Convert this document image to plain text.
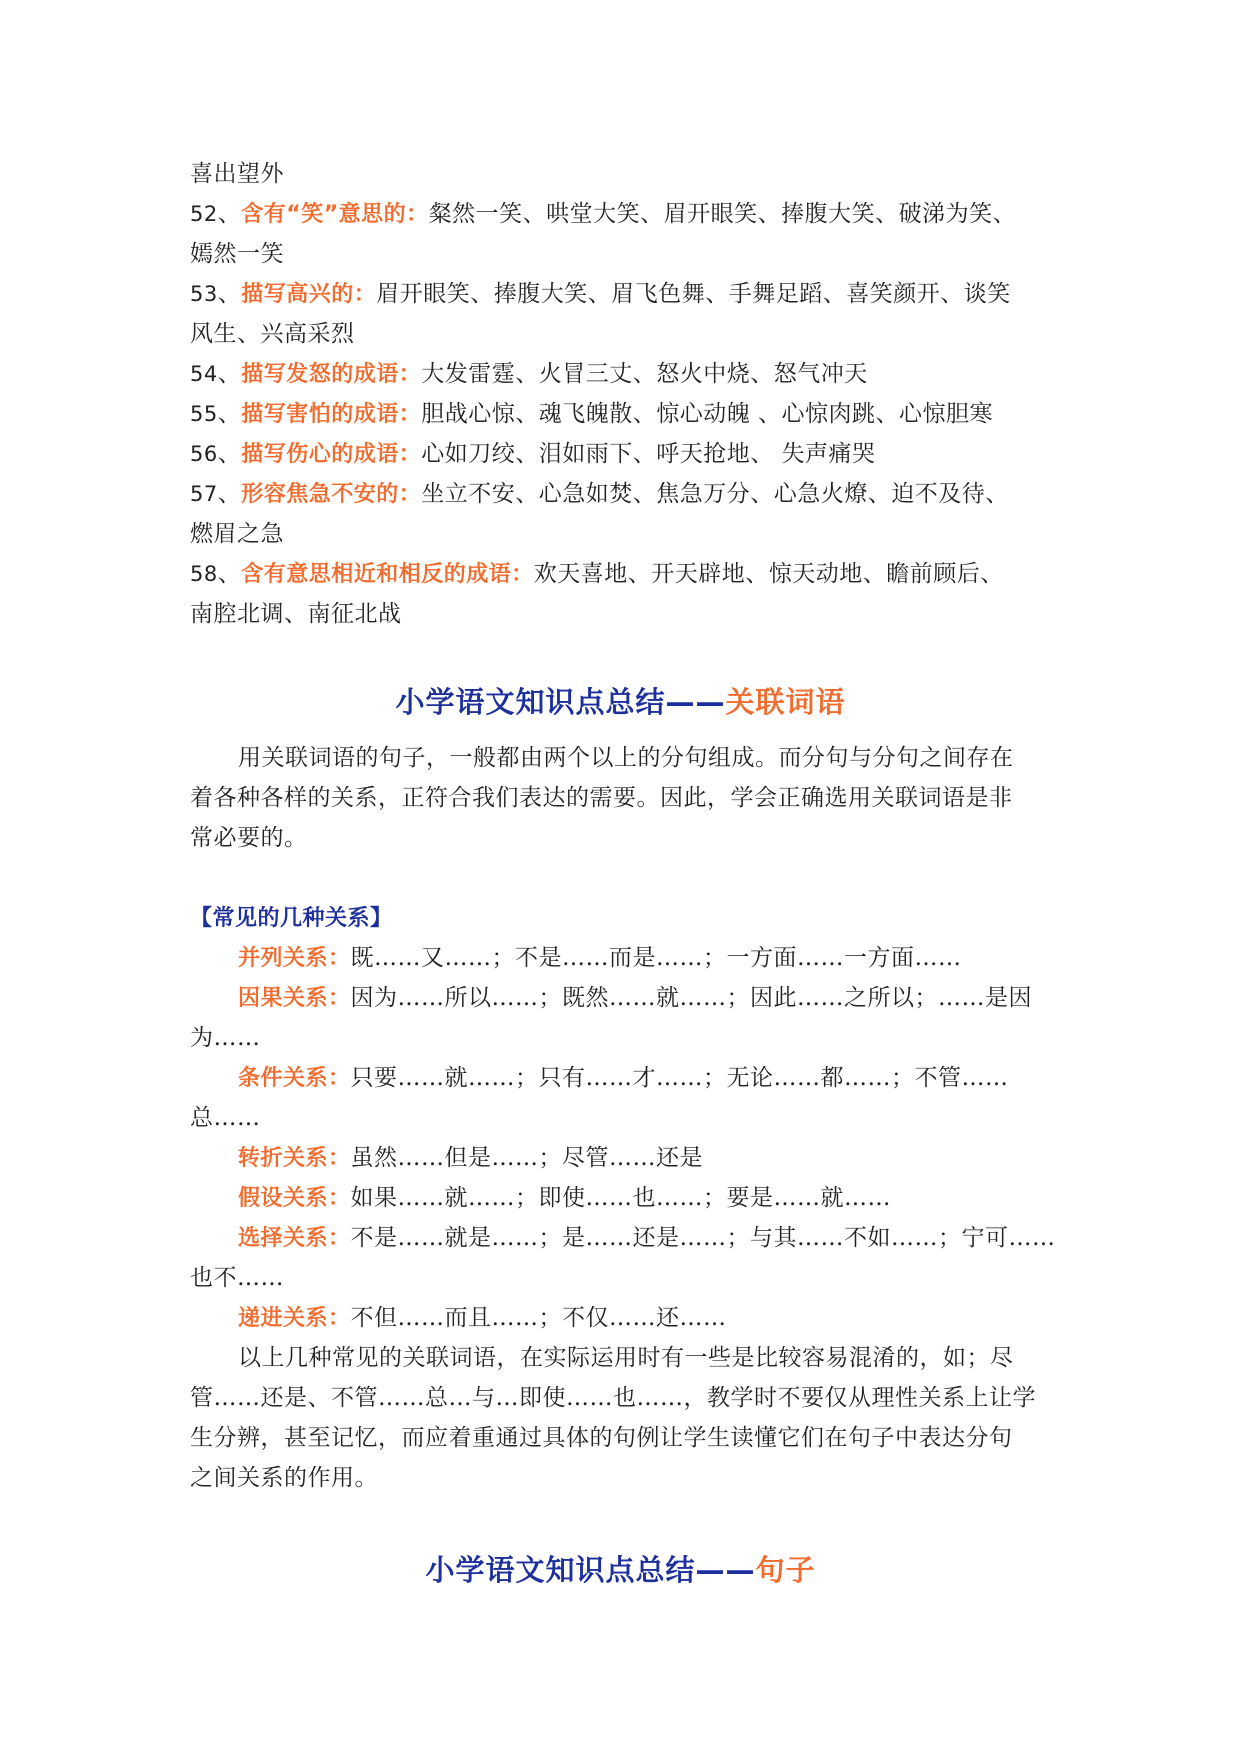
喜出望外
52、含有“笑”意思的：粲然一笑、哄堂大笑、眉开眼笑、捧腹大笑、破涕为笑、
嫣然一笑
53、描写高兴的：眉开眼笑、捧腹大笑、眉飞色舞、手舞足蹈、喜笑颜开、谈笑
风生、兴高采烈
54、描写发怒的成语：大发雷霆、火冒三丈、怒火中烧、怒气冲天
55、描写害怕的成语：胆战心惊、魂飞魄散、惊心动魄 、心惊肉跳、心惊胆寒
56、描写伤心的成语：心如刀绞、泪如雨下、呼天抢地、 失声痛哭
57、形容焦急不安的：坐立不安、心急如焚、焦急万分、心急火燎、迫不及待、
燃眉之急
58、含有意思相近和相反的成语：欢天喜地、开天辟地、惊天动地、瞻前顾后、
南腔北调、南征北战
小学语文知识点总结——关联词语
用关联词语的句子，一般都由两个以上的分句组成。而分句与分句之间存在
着各种各样的关系，正符合我们表达的需要。因此，学会正确选用关联词语是非
常必要的。
【常见的几种关系】
并列关系：既……又……；不是……而是……；一方面……一方面……
因果关系：因为……所以……；既然……就……；因此……之所以；……是因
为……
条件关系：只要……就……；只有……才……；无论……都……；不管……
总……
转折关系：虽然……但是……；尽管……还是
假设关系：如果……就……；即使……也……；要是……就……
选择关系：不是……就是……；是……还是……；与其……不如……；宁可……
也不……
递进关系：不但……而且……；不仅……还……
以上几种常见的关联词语，在实际运用时有一些是比较容易混淆的，如；尽
管……还是、不管……总…与…即使……也……，教学时不要仅从理性关系上让学
生分辨，甚至记忆，而应着重通过具体的句例让学生读懂它们在句子中表达分句
之间关系的作用。
小学语文知识点总结——句子
